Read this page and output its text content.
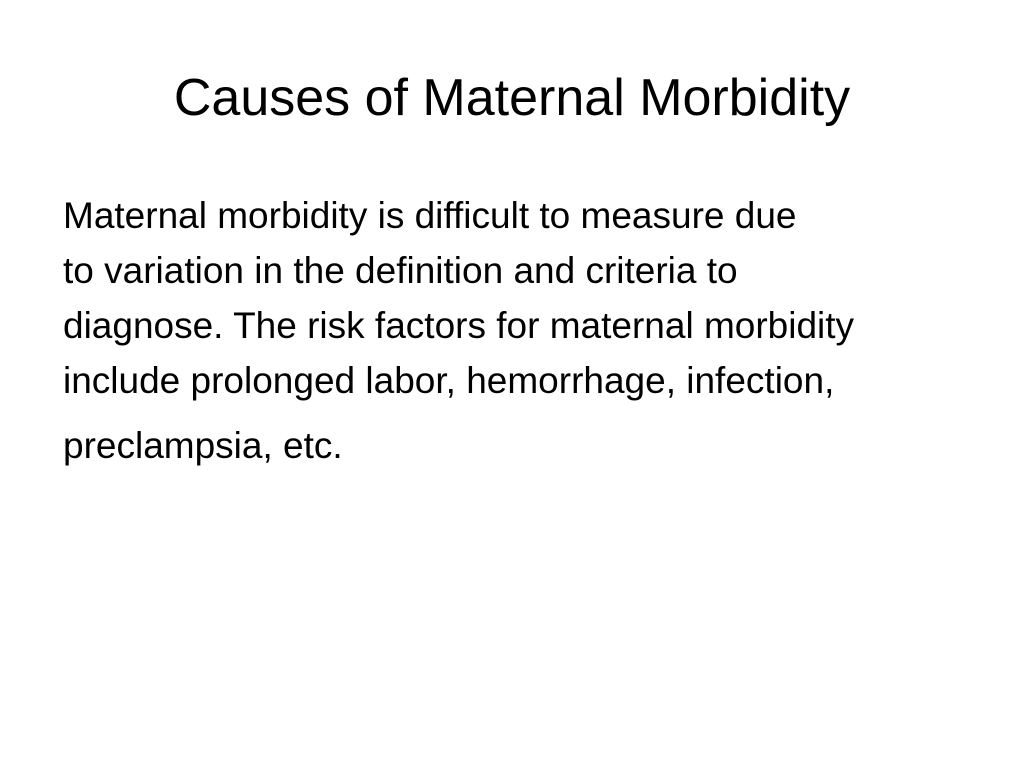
Causes of Maternal Morbidity
Maternal morbidity is difficult to measure due
to variation in the definition and criteria to
diagnose. The risk factors for maternal morbidity
include prolonged labor, hemorrhage, infection,
preclampsia, etc.
